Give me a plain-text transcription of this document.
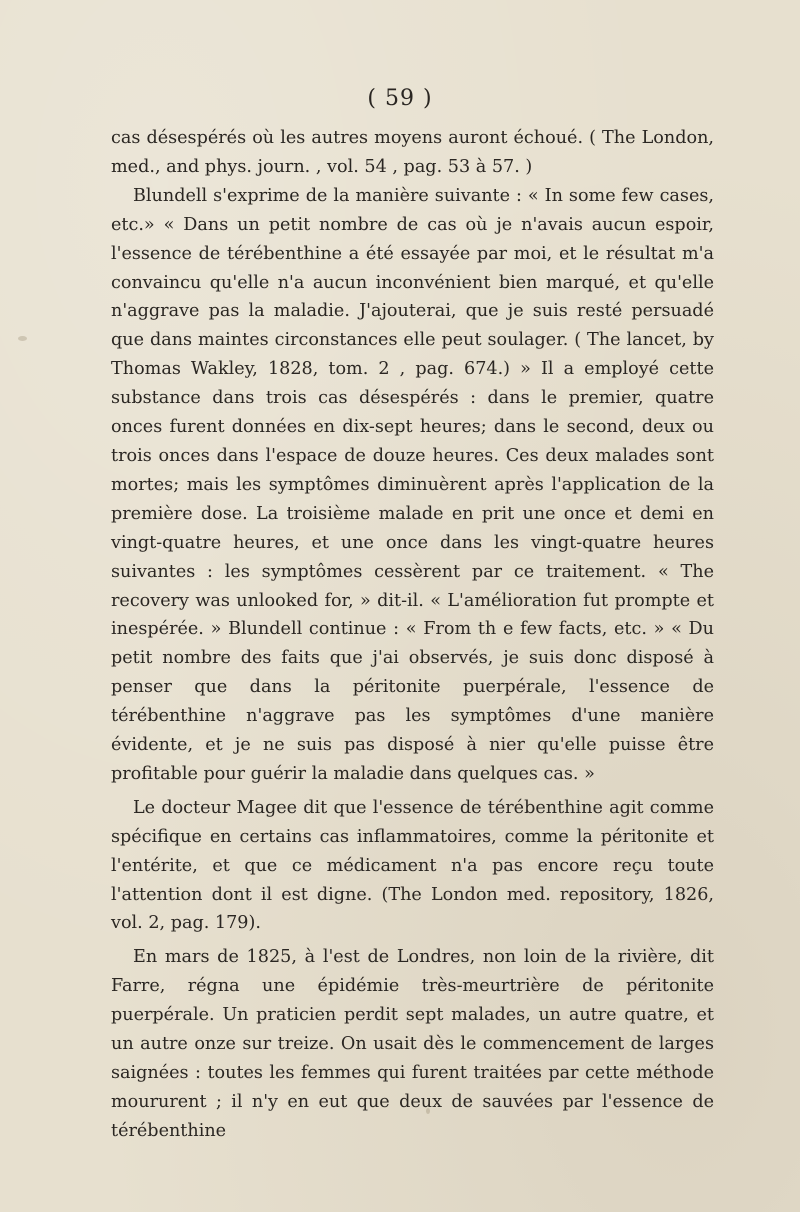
( 59 )

cas désespérés où les autres moyens auront échoué. ( The London, med., and phys. journ. , vol. 54 , pag. 53 à 57. )

Blundell s'exprime de la manière suivante : « In some few cases, etc.» « Dans un petit nombre de cas où je n'avais aucun espoir, l'essence de térébenthine a été essayée par moi, et le résultat m'a convaincu qu'elle n'a aucun inconvénient bien marqué, et qu'elle n'aggrave pas la maladie. J'ajouterai, que je suis resté persuadé que dans maintes circonstances elle peut soulager. ( The lancet, by Thomas Wakley, 1828, tom. 2 , pag. 674.) » Il a employé cette substance dans trois cas désespérés : dans le premier, quatre onces furent données en dix-sept heures; dans le second, deux ou trois onces dans l'espace de douze heures. Ces deux malades sont mortes; mais les symptômes diminuèrent après l'application de la première dose. La troisième malade en prit une once et demi en vingt-quatre heures, et une once dans les vingt-quatre heures suivantes : les symptômes cessèrent par ce traitement. « The recovery was unlooked for, » dit-il. « L'amélioration fut prompte et inespérée. » Blundell continue : « From th e few facts, etc. » « Du petit nombre des faits que j'ai observés, je suis donc disposé à penser que dans la péritonite puerpérale, l'essence de térébenthine n'aggrave pas les symptômes d'une manière évidente, et je ne suis pas disposé à nier qu'elle puisse être profitable pour guérir la maladie dans quelques cas. »

Le docteur Magee dit que l'essence de térébenthine agit comme spécifique en certains cas inflammatoires, comme la péritonite et l'entérite, et que ce médicament n'a pas encore reçu toute l'attention dont il est digne. (The London med. repository, 1826, vol. 2, pag. 179).

En mars de 1825, à l'est de Londres, non loin de la rivière, dit Farre, régna une épidémie très-meurtrière de péritonite puerpérale. Un praticien perdit sept malades, un autre quatre, et un autre onze sur treize. On usait dès le commencement de larges saignées : toutes les femmes qui furent traitées par cette méthode moururent ; il n'y en eut que deux de sauvées par l'essence de térébenthine
